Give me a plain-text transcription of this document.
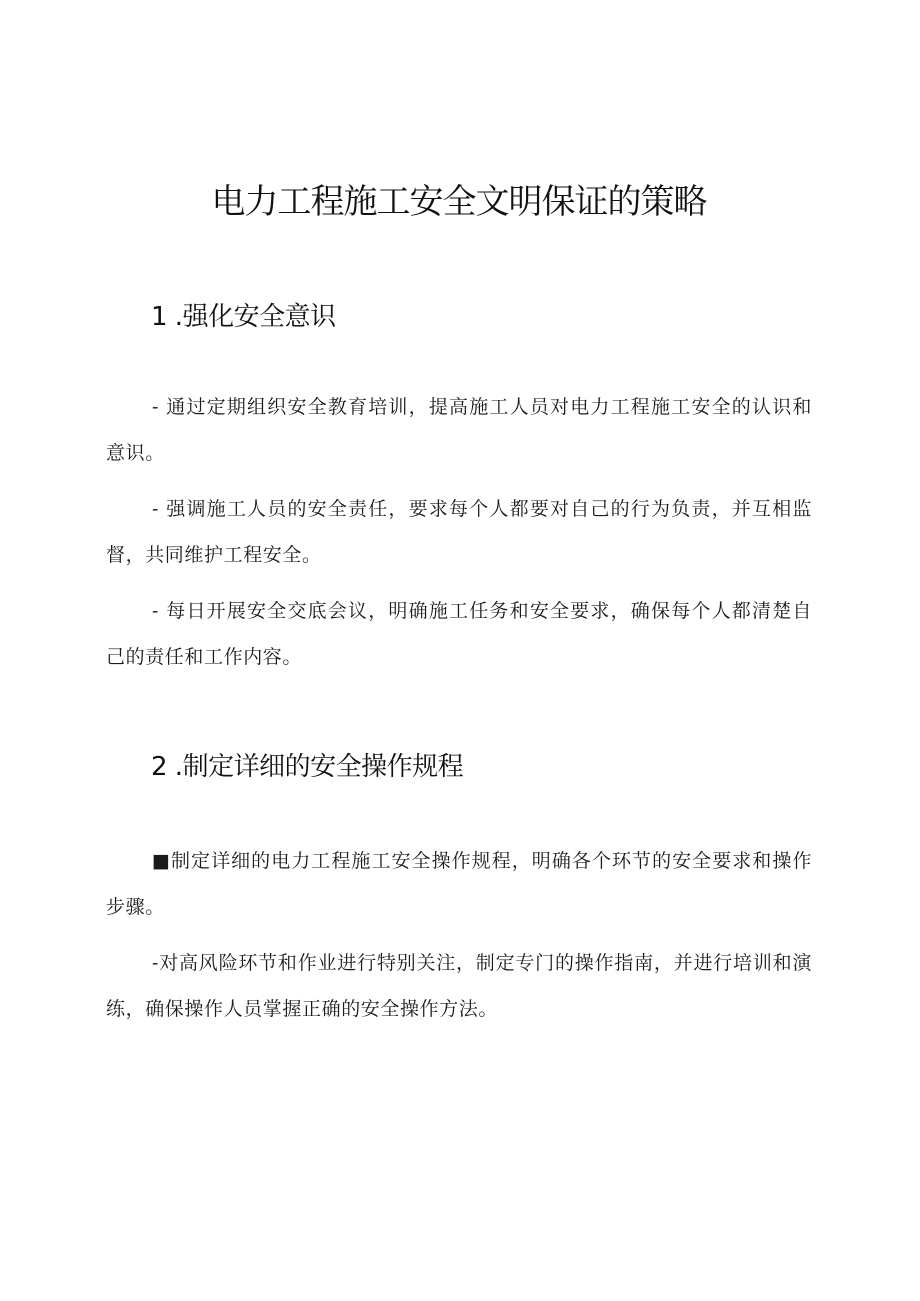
电力工程施工安全文明保证的策略
1 .强化安全意识

- 通过定期组织安全教育培训，提高施工人员对电力工程施工安全的认识和意识。

- 强调施工人员的安全责任，要求每个人都要对自己的行为负责，并互相监督，共同维护工程安全。

- 每日开展安全交底会议，明确施工任务和安全要求，确保每个人都清楚自己的责任和工作内容。

2 .制定详细的安全操作规程

■制定详细的电力工程施工安全操作规程，明确各个环节的安全要求和操作步骤。

-对高风险环节和作业进行特别关注，制定专门的操作指南，并进行培训和演练，确保操作人员掌握正确的安全操作方法。
